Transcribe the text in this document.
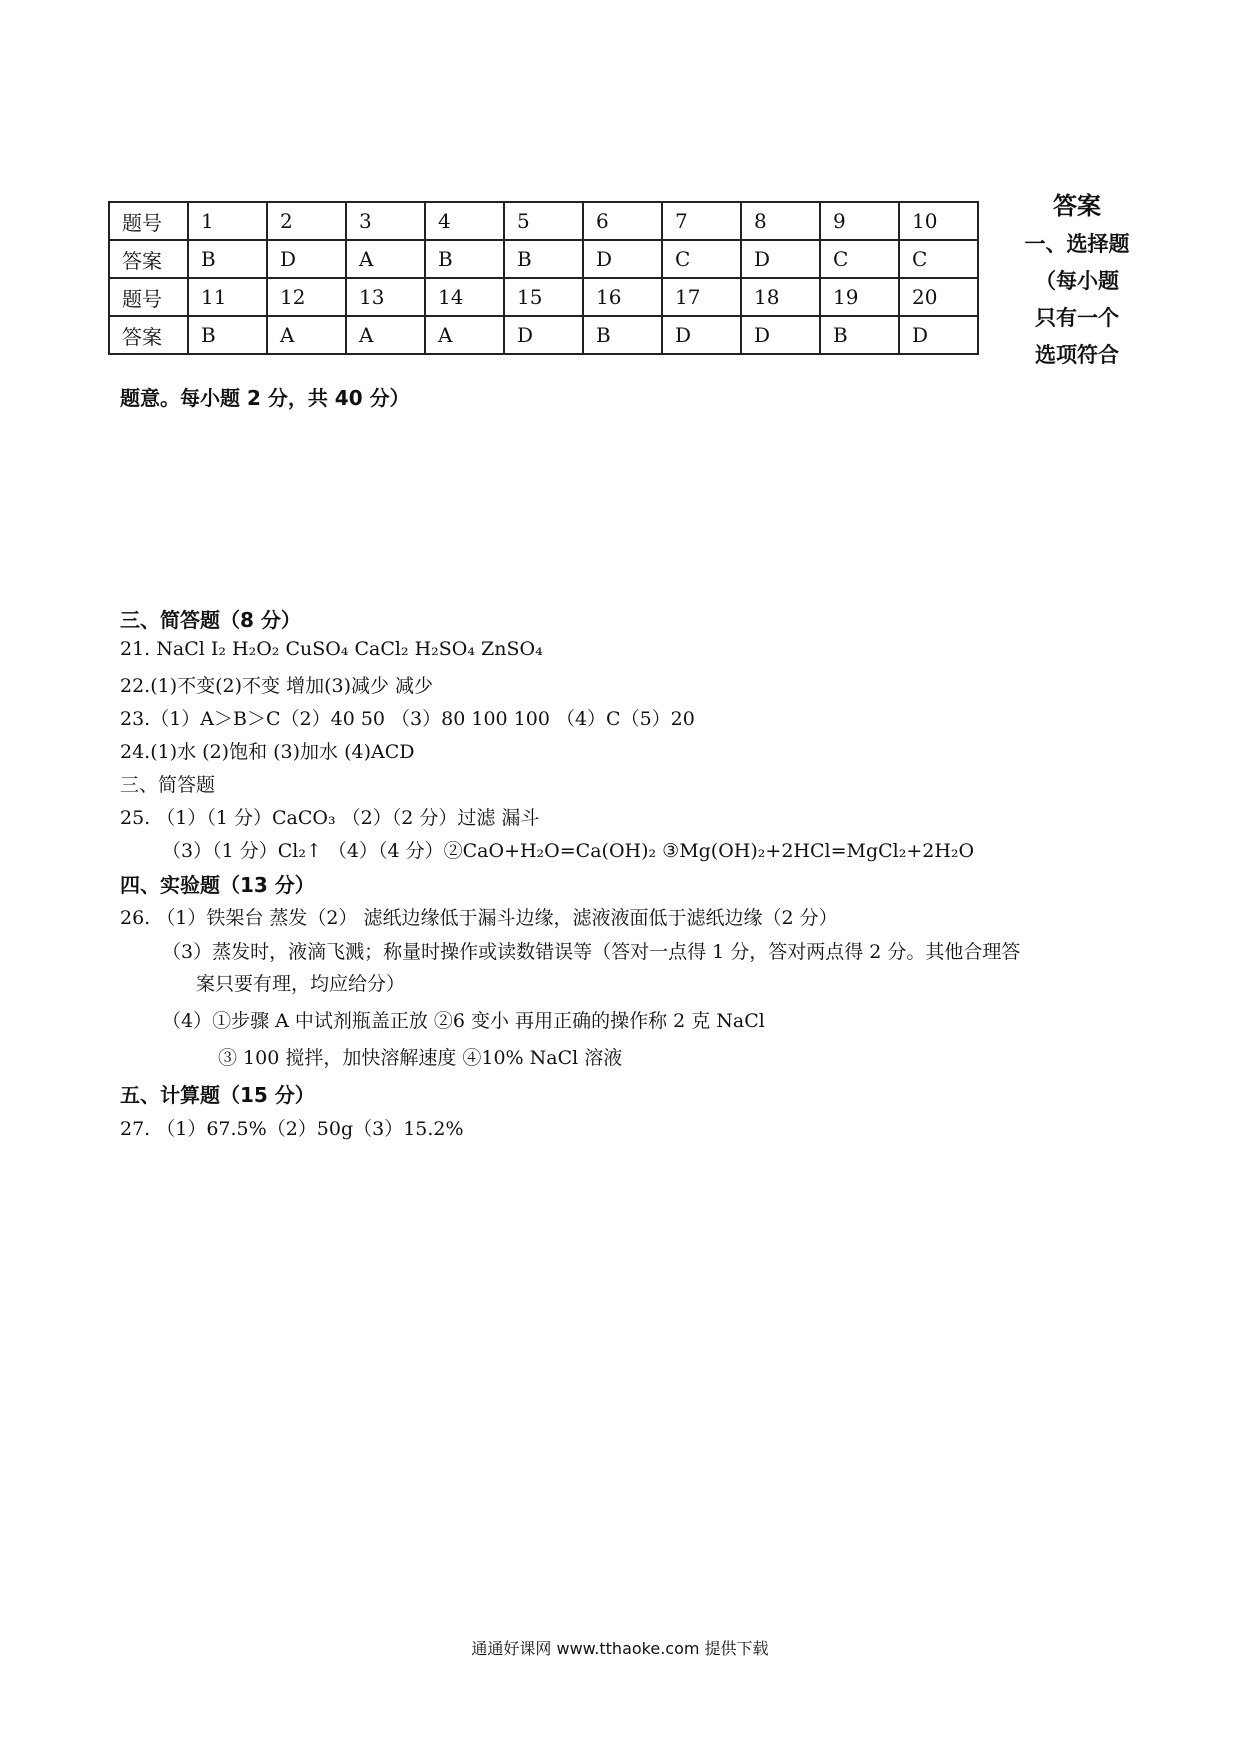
答案
一、选择题
（每小题
只有一个
选项符合
题号	1	2	3	4	5	6	7	8	9	10
答案	B	D	A	B	B	D	C	D	C	C
题号	11	12	13	14	15	16	17	18	19	20
答案	B	A	A	A	D	B	D	D	B	D
题意。每小题 2 分，共 40 分）
三、简答题（8 分）
21. NaCl I₂ H₂O₂ CuSO₄ CaCl₂ H₂SO₄ ZnSO₄
22.(1)不变(2)不变 增加(3)减少 减少
23.（1）A＞B＞C（2）40 50 （3）80 100 100 （4）C（5）20
24.(1)水 (2)饱和 (3)加水 (4)ACD
三、简答题
25. （1）（1 分）CaCO₃ （2）（2 分）过滤 漏斗
（3）（1 分）Cl₂↑ （4）（4 分）②CaO+H₂O=Ca(OH)₂ ③Mg(OH)₂+2HCl=MgCl₂+2H₂O
四、实验题（13 分）
26. （1）铁架台 蒸发（2） 滤纸边缘低于漏斗边缘，滤液液面低于滤纸边缘（2 分）
（3）蒸发时，液滴飞溅；称量时操作或读数错误等（答对一点得 1 分，答对两点得 2 分。其他合理答
案只要有理，均应给分）
（4）①步骤 A 中试剂瓶盖正放 ②6 变小 再用正确的操作称 2 克 NaCl
③ 100 搅拌，加快溶解速度 ④10% NaCl 溶液
五、计算题（15 分）
27. （1）67.5%（2）50g（3）15.2%
通通好课网 www.tthaoke.com 提供下载
